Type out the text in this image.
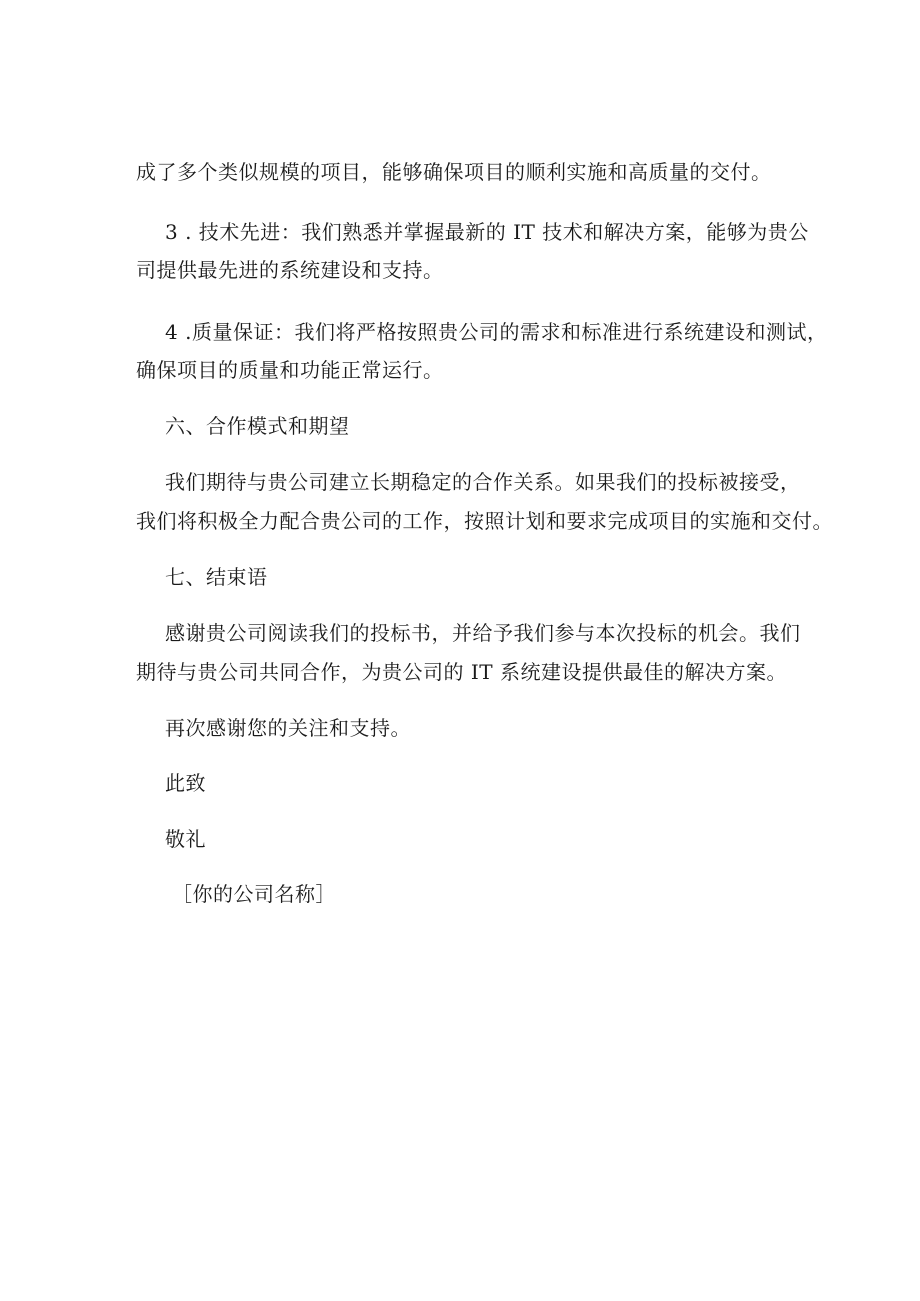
成了多个类似规模的项目，能够确保项目的顺利实施和高质量的交付。
3 . 技术先进：我们熟悉并掌握最新的 IT 技术和解决方案，能够为贵公
司提供最先进的系统建设和支持。
4 .质量保证：我们将严格按照贵公司的需求和标准进行系统建设和测试，
确保项目的质量和功能正常运行。
六、合作模式和期望
我们期待与贵公司建立长期稳定的合作关系。如果我们的投标被接受，
我们将积极全力配合贵公司的工作，按照计划和要求完成项目的实施和交付。
七、结束语
感谢贵公司阅读我们的投标书，并给予我们参与本次投标的机会。我们
期待与贵公司共同合作，为贵公司的 IT 系统建设提供最佳的解决方案。
再次感谢您的关注和支持。
此致
敬礼
［你的公司名称］
